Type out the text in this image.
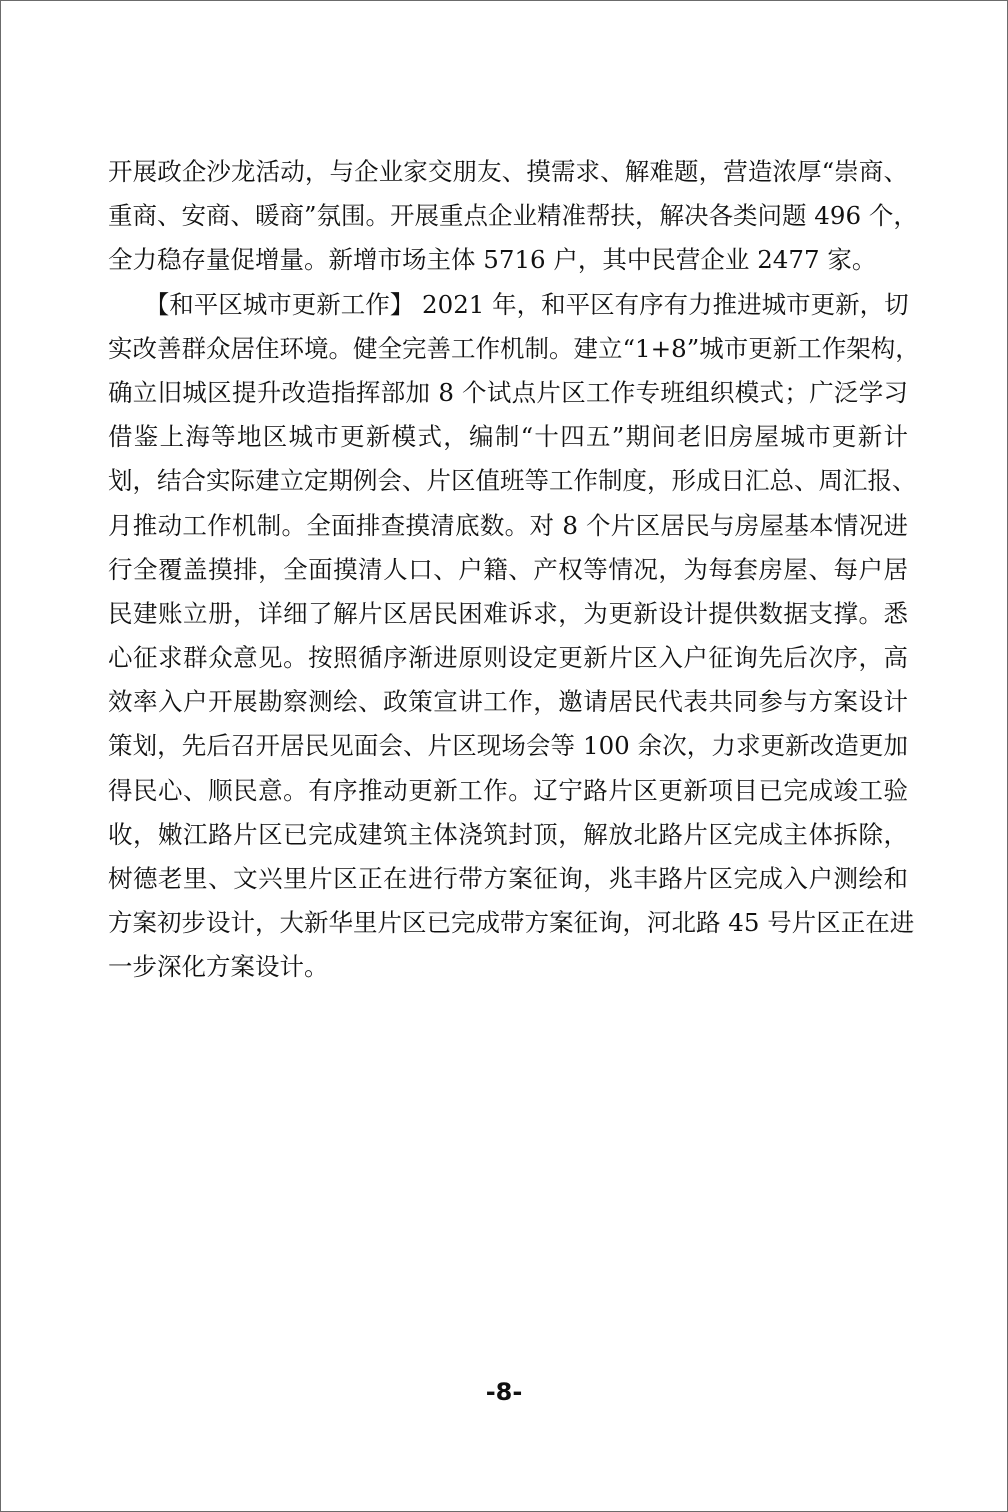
开展政企沙龙活动，与企业家交朋友、摸需求、解难题，营造浓厚“崇商、
重商、安商、暖商”氛围。开展重点企业精准帮扶，解决各类问题 496 个，
全力稳存量促增量。新增市场主体 5716 户，其中民营企业 2477 家。
　　【和平区城市更新工作】 2021 年，和平区有序有力推进城市更新，切
实改善群众居住环境。健全完善工作机制。建立“1+8”城市更新工作架构，
确立旧城区提升改造指挥部加 8 个试点片区工作专班组织模式；广泛学习
借鉴上海等地区城市更新模式，编制“十四五”期间老旧房屋城市更新计
划，结合实际建立定期例会、片区值班等工作制度，形成日汇总、周汇报、
月推动工作机制。全面排查摸清底数。对 8 个片区居民与房屋基本情况进
行全覆盖摸排，全面摸清人口、户籍、产权等情况，为每套房屋、每户居
民建账立册，详细了解片区居民困难诉求，为更新设计提供数据支撑。悉
心征求群众意见。按照循序渐进原则设定更新片区入户征询先后次序，高
效率入户开展勘察测绘、政策宣讲工作，邀请居民代表共同参与方案设计
策划，先后召开居民见面会、片区现场会等 100 余次，力求更新改造更加
得民心、顺民意。有序推动更新工作。辽宁路片区更新项目已完成竣工验
收，嫩江路片区已完成建筑主体浇筑封顶，解放北路片区完成主体拆除，
树德老里、文兴里片区正在进行带方案征询，兆丰路片区完成入户测绘和
方案初步设计，大新华里片区已完成带方案征询，河北路 45 号片区正在进
一步深化方案设计。
-8-
